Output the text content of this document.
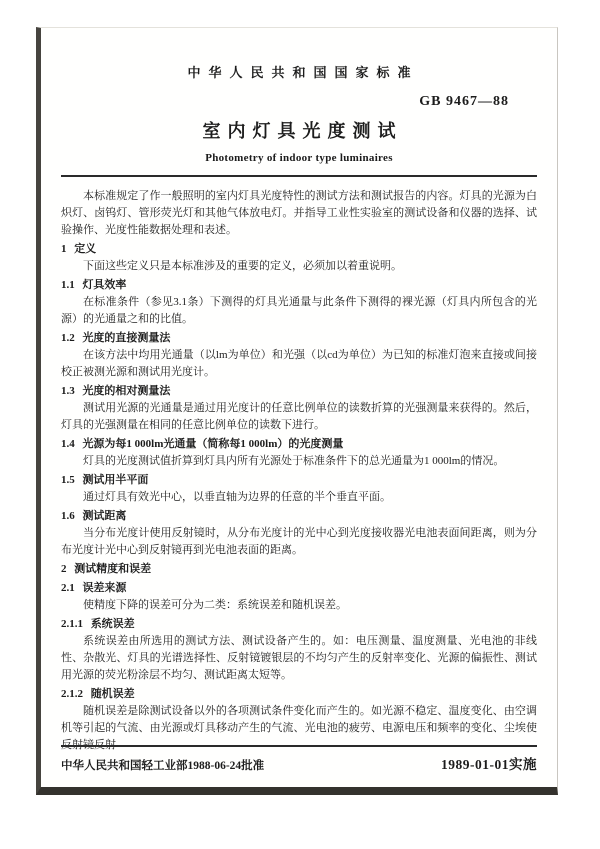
中华人民共和国国家标准
GB 9467—88
室内灯具光度测试
Photometry of indoor type luminaires

本标准规定了作一般照明的室内灯具光度特性的测试方法和测试报告的内容。灯具的光源为白炽灯、卤钨灯、管形荧光灯和其他气体放电灯。并指导工业性实验室的测试设备和仪器的选择、试验操作、光度性能数据处理和表述。

1 定义

下面这些定义只是本标准涉及的重要的定义，必须加以着重说明。

1.1 灯具效率

在标准条件（参见3.1条）下测得的灯具光通量与此条件下测得的裸光源（灯具内所包含的光源）的光通量之和的比值。

1.2 光度的直接测量法

在该方法中均用光通量（以lm为单位）和光强（以cd为单位）为已知的标准灯泡来直接或间接校正被测光源和测试用光度计。

1.3 光度的相对测量法

测试用光源的光通量是通过用光度计的任意比例单位的读数折算的光强测量来获得的。然后，灯具的光强测量在相同的任意比例单位的读数下进行。

1.4 光源为每1 000lm光通量（简称每1 000lm）的光度测量

灯具的光度测试值折算到灯具内所有光源处于标准条件下的总光通量为1 000lm的情况。

1.5 测试用半平面

通过灯具有效光中心，以垂直轴为边界的任意的半个垂直平面。

1.6 测试距离

当分布光度计使用反射镜时，从分布光度计的光中心到光度接收器光电池表面间距离，则为分布光度计光中心到反射镜再到光电池表面的距离。

2 测试精度和误差
2.1 误差来源

使精度下降的误差可分为二类：系统误差和随机误差。

2.1.1 系统误差

系统误差由所选用的测试方法、测试设备产生的。如：电压测量、温度测量、光电池的非线性、杂散光、灯具的光谱选择性、反射镜镀银层的不均匀产生的反射率变化、光源的偏振性、测试用光源的荧光粉涂层不均匀、测试距离太短等。

2.1.2 随机误差

随机误差是除测试设备以外的各项测试条件变化而产生的。如光源不稳定、温度变化、由空调机等引起的气流、由光源或灯具移动产生的气流、光电池的疲劳、电源电压和频率的变化、尘埃使反射镜反射

中华人民共和国轻工业部1988-06-24批准	1989-01-01实施
